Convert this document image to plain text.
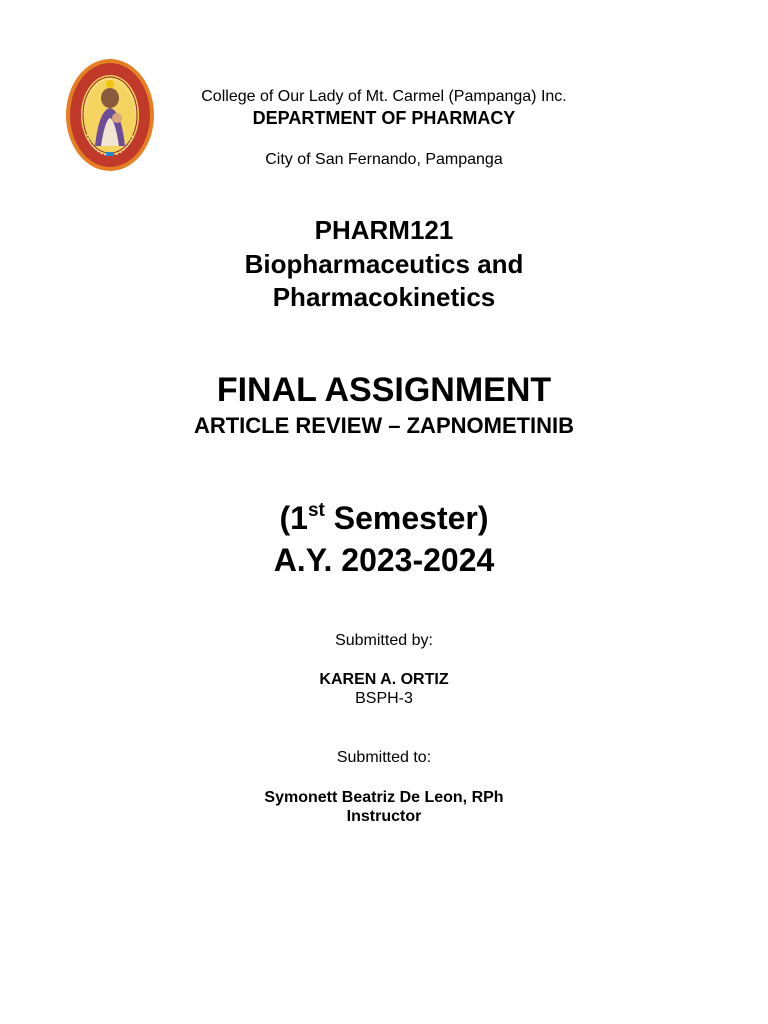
College of Our Lady of Mt. Carmel (Pampanga) Inc.
DEPARTMENT OF PHARMACY
City of San Fernando, Pampanga
PHARM121
Biopharmaceutics and
Pharmacokinetics
FINAL ASSIGNMENT
ARTICLE REVIEW – ZAPNOMETINIB
(1st Semester)
A.Y. 2023-2024
Submitted by:
KAREN A. ORTIZ
BSPH-3
Submitted to:
Symonett Beatriz De Leon, RPh
Instructor
